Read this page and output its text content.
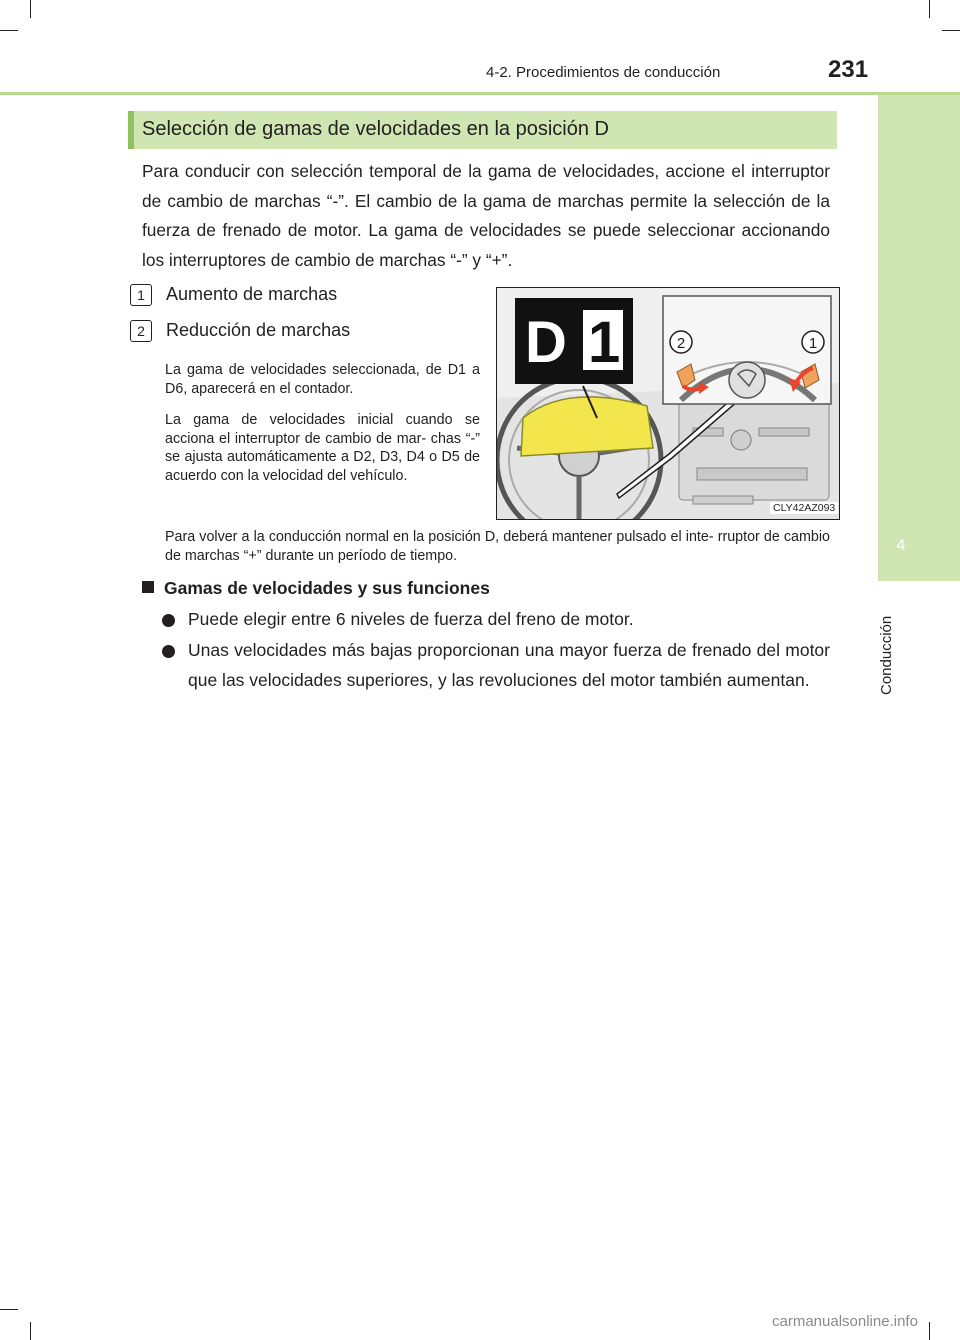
4-2. Procedimientos de conducción	231
4
Conducción
Selección de gamas de velocidades en la posición D
Para conducir con selección temporal de la gama de velocidades, accione el interruptor de cambio de marchas “-”. El cambio de la gama de marchas permite la selección de la fuerza de frenado de motor. La gama de velocidades se puede seleccionar accionando los interruptores de cambio de marchas “-” y “+”.
1 Aumento de marchas
2 Reducción de marchas
La gama de velocidades seleccionada, de D1 a D6, aparecerá en el contador.
La gama de velocidades inicial cuando se acciona el interruptor de cambio de mar- chas “-” se ajusta automáticamente a D2, D3, D4 o D5 de acuerdo con la velocidad del vehículo.
Para volver a la conducción normal en la posición D, deberá mantener pulsado el inte- rruptor de cambio de marchas “+” durante un período de tiempo.
D 1	2	1
CLY42AZ093
Gamas de velocidades y sus funciones
Puede elegir entre 6 niveles de fuerza del freno de motor.
Unas velocidades más bajas proporcionan una mayor fuerza de frenado del motor que las velocidades superiores, y las revoluciones del motor también aumentan.
carmanualsonline.info
